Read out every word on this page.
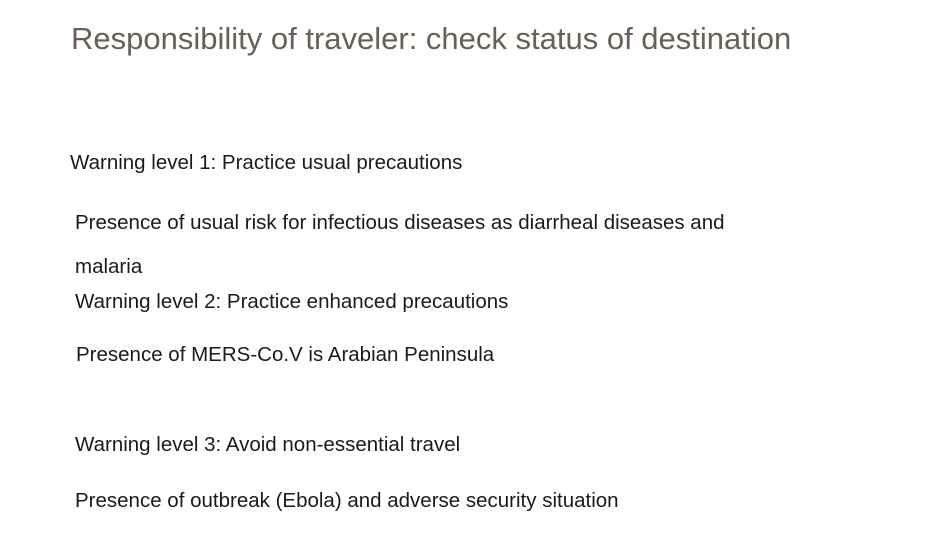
Responsibility of traveler: check status of destination

Warning level 1: Practice usual precautions

Presence of usual risk for infectious diseases as diarrheal diseases and

malaria

Warning level 2: Practice enhanced precautions

Presence of MERS-Co.V is Arabian Peninsula

Warning level 3: Avoid non-essential travel

Presence of outbreak (Ebola) and adverse security situation
